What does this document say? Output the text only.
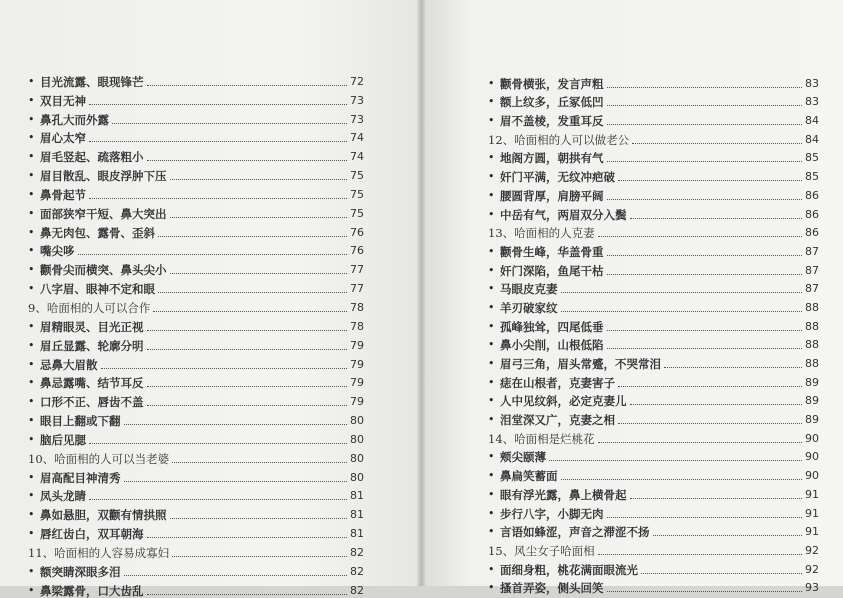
• 目光流露、眼现锋芒	72
• 双目无神	73
• 鼻孔大而外露	73
• 眉心太窄	74
• 眉毛竖起、疏落粗小	74
• 眉目散乱、眼皮浮肿下压	75
• 鼻骨起节	75
• 面部狭窄干短、鼻大突出	75
• 鼻无肉包、露骨、歪斜	76
• 嘴尖哆	76
• 颧骨尖而横突、鼻头尖小	77
• 八字眉、眼神不定和眼	77
9、哈面相的人可以合作	78
• 眉精眼灵、目光正视	78
• 眉丘显露、轮廓分明	79
• 忌鼻大眉散	79
• 鼻忌露嘴、结节耳反	79
• 口形不正、唇齿不盖	79
• 眼目上翻或下翻	80
• 脑后见腮	80
10、哈面相的人可以当老婆	80
• 眉高配目神清秀	80
• 凤头龙睛	81
• 鼻如悬胆，双颧有情拱照	81
• 唇红齿白，双耳朝海	81
11、哈面相的人容易成寡妇	82
• 额突睛深眼多泪	82
• 鼻梁露骨，口大齿乱	82
• 颧骨横张，发言声粗	83
• 额上纹多，丘冢低凹	83
• 眉不盖棱，发重耳反	84
12、哈面相的人可以做老公	84
• 地阁方圆，朝拱有气	85
• 奸门平满，无纹冲疤破	85
• 腰圆背厚，肩膀平阔	86
• 中岳有气，两眉双分入鬓	86
13、哈面相的人克妻	86
• 颧骨生峰，华盖骨重	87
• 奸门深陷，鱼尾干枯	87
• 马眼皮克妻	87
• 羊刃破家纹	88
• 孤峰独耸，四尾低垂	88
• 鼻小尖削，山根低陷	88
• 眉弓三角，眉头常蹙，不哭常泪	88
• 痣在山根者，克妻害子	89
• 人中见纹斜，必定克妻儿	89
• 泪堂深又广，克妻之相	89
14、哈面相是烂桃花	90
• 颊尖颐薄	90
• 鼻扁笑蓄面	90
• 眼有浮光露，鼻上横骨起	91
• 步行八字，小脚无肉	91
• 言语如蜂涩，声音之滞涩不扬	91
15、风尘女子哈面相	92
• 面细身粗，桃花满面眼流光	92
• 搔首弄姿，侧头回笑	93
